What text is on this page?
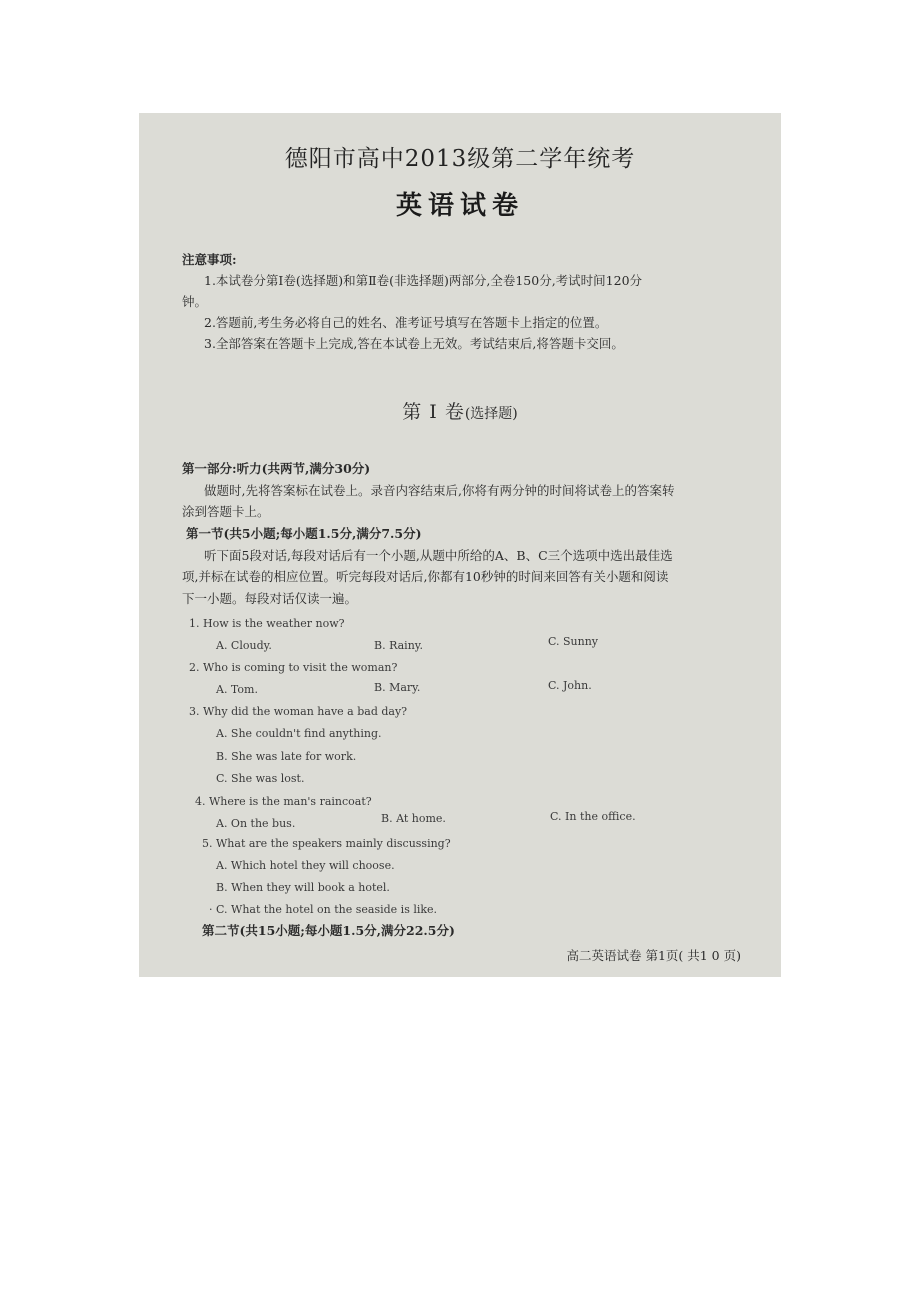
德阳市高中2013级第二学年统考
英语试卷
注意事项:
1.本试卷分第Ⅰ卷(选择题)和第Ⅱ卷(非选择题)两部分,全卷150分,考试时间120分
钟。
2.答题前,考生务必将自己的姓名、准考证号填写在答题卡上指定的位置。
3.全部答案在答题卡上完成,答在本试卷上无效。考试结束后,将答题卡交回。
第 Ⅰ 卷(选择题)
第一部分:听力(共两节,满分30分)
做题时,先将答案标在试卷上。录音内容结束后,你将有两分钟的时间将试卷上的答案转
涂到答题卡上。
第一节(共5小题;每小题1.5分,满分7.5分)
听下面5段对话,每段对话后有一个小题,从题中所给的A、B、C三个选项中选出最佳选
项,并标在试卷的相应位置。听完每段对话后,你都有10秒钟的时间来回答有关小题和阅读
下一小题。每段对话仅读一遍。
1. How is the weather now?
A. Cloudy.	B. Rainy.	C. Sunny
2. Who is coming to visit the woman?
A. Tom.	B. Mary.	C. John.
3. Why did the woman have a bad day?
A. She couldn't find anything.
B. She was late for work.
C. She was lost.
4. Where is the man's raincoat?
A. On the bus.	B. At home.	C. In the office.
5. What are the speakers mainly discussing?
A. Which hotel they will choose.
B. When they will book a hotel.
· C. What the hotel on the seaside is like.
第二节(共15小题;每小题1.5分,满分22.5分)
高二英语试卷 第1页( 共1 0 页)
